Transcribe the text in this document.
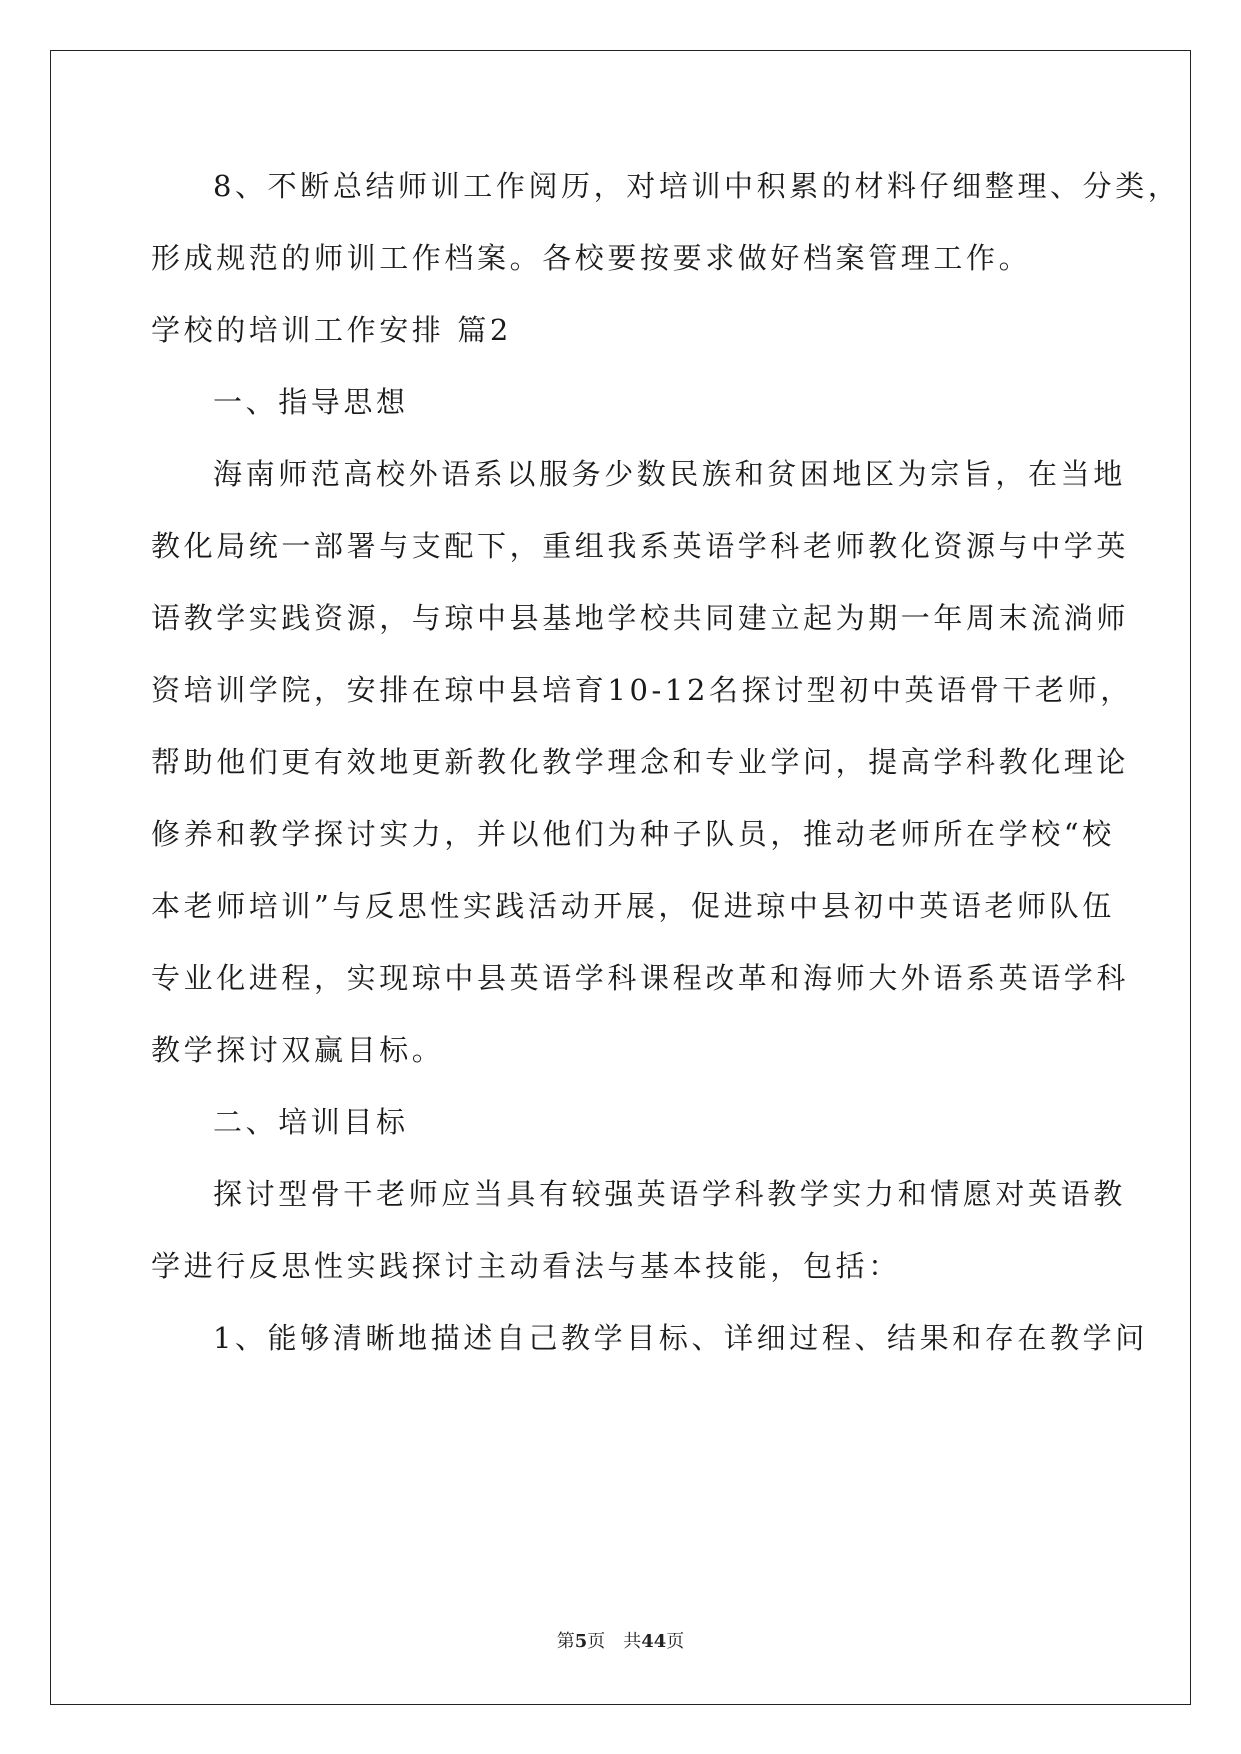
8、不断总结师训工作阅历，对培训中积累的材料仔细整理、分类，
形成规范的师训工作档案。各校要按要求做好档案管理工作。
学校的培训工作安排 篇2
一、指导思想
海南师范高校外语系以服务少数民族和贫困地区为宗旨，在当地
教化局统一部署与支配下，重组我系英语学科老师教化资源与中学英
语教学实践资源，与琼中县基地学校共同建立起为期一年周末流淌师
资培训学院，安排在琼中县培育10-12名探讨型初中英语骨干老师，
帮助他们更有效地更新教化教学理念和专业学问，提高学科教化理论
修养和教学探讨实力，并以他们为种子队员，推动老师所在学校“校
本老师培训”与反思性实践活动开展，促进琼中县初中英语老师队伍
专业化进程，实现琼中县英语学科课程改革和海师大外语系英语学科
教学探讨双赢目标。
二、培训目标
探讨型骨干老师应当具有较强英语学科教学实力和情愿对英语教
学进行反思性实践探讨主动看法与基本技能，包括：
1、能够清晰地描述自己教学目标、详细过程、结果和存在教学问
第5页　共44页
